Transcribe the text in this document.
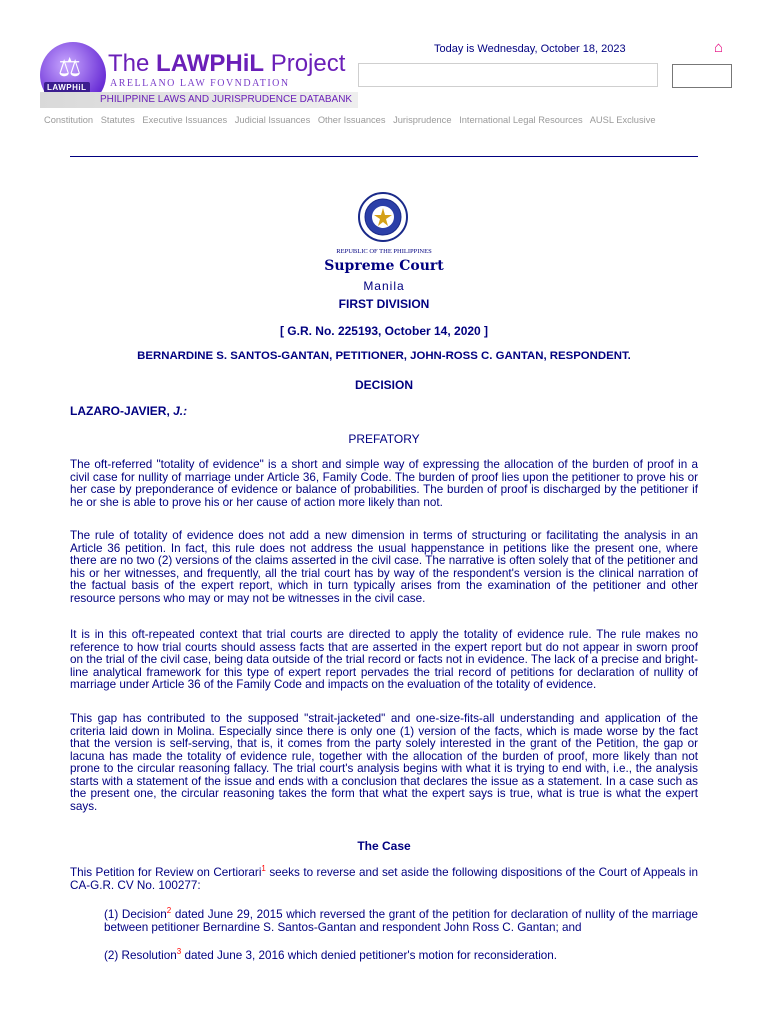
⚖
LAWPHiL
The LAWPHiL Project
ARELLANO LAW FOVNDATION
PHILIPPINE LAWS AND JURISPRUDENCE DATABANK
Today is Wednesday, October 18, 2023	⌂
Constitution Statutes Executive Issuances Judicial Issuances Other Issuances Jurisprudence International Legal Resources AUSL Exclusive
REPUBLIC OF THE PHILIPPINES
Supreme Court
Manila
FIRST DIVISION
[ G.R. No. 225193, October 14, 2020 ]
BERNARDINE S. SANTOS-GANTAN, PETITIONER, JOHN-ROSS C. GANTAN, RESPONDENT.
DECISION
LAZARO-JAVIER, J.:
PREFATORY
The oft-referred "totality of evidence" is a short and simple way of expressing the allocation of the burden of proof in a civil case for nullity of marriage under Article 36, Family Code. The burden of proof lies upon the petitioner to prove his or her case by preponderance of evidence or balance of probabilities. The burden of proof is discharged by the petitioner if he or she is able to prove his or her cause of action more likely than not.
The rule of totality of evidence does not add a new dimension in terms of structuring or facilitating the analysis in an Article 36 petition. In fact, this rule does not address the usual happenstance in petitions like the present one, where there are no two (2) versions of the claims asserted in the civil case. The narrative is often solely that of the petitioner and his or her witnesses, and frequently, all the trial court has by way of the respondent's version is the clinical narration of the factual basis of the expert report, which in turn typically arises from the examination of the petitioner and other resource persons who may or may not be witnesses in the civil case.
It is in this oft-repeated context that trial courts are directed to apply the totality of evidence rule. The rule makes no reference to how trial courts should assess facts that are asserted in the expert report but do not appear in sworn proof on the trial of the civil case, being data outside of the trial record or facts not in evidence. The lack of a precise and bright-line analytical framework for this type of expert report pervades the trial record of petitions for declaration of nullity of marriage under Article 36 of the Family Code and impacts on the evaluation of the totality of evidence.
This gap has contributed to the supposed "strait-jacketed" and one-size-fits-all understanding and application of the criteria laid down in Molina. Especially since there is only one (1) version of the facts, which is made worse by the fact that the version is self-serving, that is, it comes from the party solely interested in the grant of the Petition, the gap or lacuna has made the totality of evidence rule, together with the allocation of the burden of proof, more likely than not prone to the circular reasoning fallacy. The trial court's analysis begins with what it is trying to end with, i.e., the analysis starts with a statement of the issue and ends with a conclusion that declares the issue as a statement. In a case such as the present one, the circular reasoning takes the form that what the expert says is true, what is true is what the expert says.
The Case
This Petition for Review on Certiorari$^1$ seeks to reverse and set aside the following dispositions of the Court of Appeals in CA-G.R. CV No. 100277:
(1) Decision$^2$ dated June 29, 2015 which reversed the grant of the petition for declaration of nullity of the marriage between petitioner Bernardine S. Santos-Gantan and respondent John Ross C. Gantan; and
(2) Resolution$^3$ dated June 3, 2016 which denied petitioner's motion for reconsideration.
